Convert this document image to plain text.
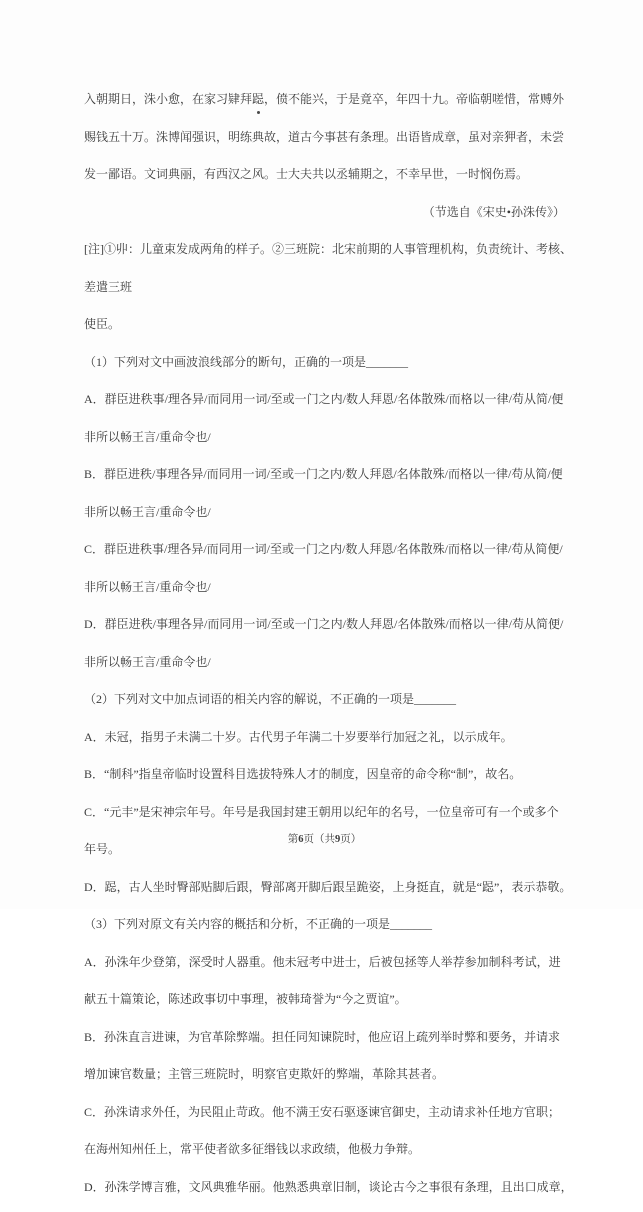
入朝期日，洙小愈，在家习肄拜跽，偾不能兴，于是竟卒，年四十九。帝临朝嗟惜，常赙外

赐钱五十万。洙博闻强识，明练典故，道古今事甚有条理。出语皆成章，虽对亲狎者，未尝

发一鄙语。文词典丽，有西汉之风。士大夫共以丞辅期之，不幸早世，一时悯伤焉。

（节选自《宋史•孙洙传》）

[注]①丱：儿童束发成两角的样子。②三班院：北宋前期的人事管理机构，负责统计、考核、

差遣三班

使臣。

（1）下列对文中画波浪线部分的断句，正确的一项是_______

A．群臣进秩事/理各异/而同用一词/至或一门之内/数人拜恩/名体散殊/而格以一律/苟从简/便

非所以畅王言/重命令也/

B．群臣进秩/事理各异/而同用一词/至或一门之内/数人拜恩/名体散殊/而格以一律/苟从简/便

非所以畅王言/重命令也/

C．群臣进秩事/理各异/而同用一词/至或一门之内/数人拜恩/名体散殊/而格以一律/苟从简便/

非所以畅王言/重命令也/

D．群臣进秩/事理各异/而同用一词/至或一门之内/数人拜恩/名体散殊/而格以一律/苟从简便/

非所以畅王言/重命令也/

（2）下列对文中加点词语的相关内容的解说，不正确的一项是_______

A．未冠，指男子未满二十岁。古代男子年满二十岁要举行加冠之礼，以示成年。

B．“制科”指皇帝临时设置科目选拔特殊人才的制度，因皇帝的命令称“制”，故名。

C．“元丰”是宋神宗年号。年号是我国封建王朝用以纪年的名号，一位皇帝可有一个或多个

年号。

D．跽，古人坐时臀部贴脚后跟，臀部离开脚后跟呈跪姿，上身挺直，就是“跽”，表示恭敬。

（3）下列对原文有关内容的概括和分析，不正确的一项是_______

A．孙洙年少登第，深受时人器重。他未冠考中进士，后被包拯等人举荐参加制科考试，进

献五十篇策论，陈述政事切中事理，被韩琦誉为“今之贾谊”。

B．孙洙直言进谏，为官革除弊端。担任同知谏院时，他应诏上疏列举时弊和要务，并请求

增加谏官数量；主管三班院时，明察官吏欺奸的弊端，革除其甚者。

C．孙洙请求外任，为民阻止苛政。他不满王安石驱逐谏官御史，主动请求补任地方官职；

在海州知州任上，常平使者欲多征缗钱以求政绩，他极力争辩。

D．孙洙学博言雅，文风典雅华丽。他熟悉典章旧制，谈论古今之事很有条理，且出口成章，

第6页（共9页）
